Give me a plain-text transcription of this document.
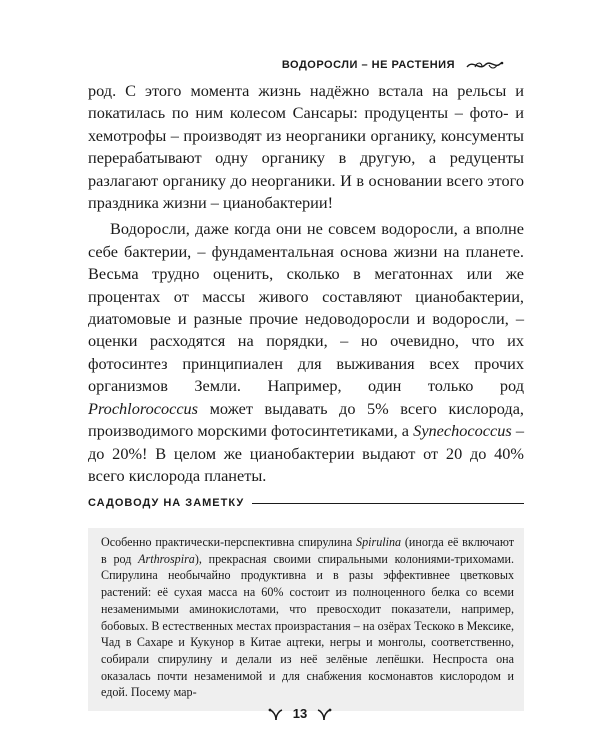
ВОДОРОСЛИ – НЕ РАСТЕНИЯ

род. С этого момента жизнь надёжно встала на рельсы и покатилась по ним колесом Сансары: продуценты – фото- и хемотрофы – производят из неорганики органику, консументы перерабатывают одну органику в другую, а редуценты разлагают органику до неорганики. И в основании всего этого праздника жизни – цианобактерии!

Водоросли, даже когда они не совсем водоросли, а вполне себе бактерии, – фундаментальная основа жизни на планете. Весьма трудно оценить, сколько в мегатоннах или же процентах от массы живого составляют цианобактерии, диатомовые и разные прочие недоводоросли и водоросли, – оценки расходятся на порядки, – но очевидно, что их фотосинтез принципиален для выживания всех прочих организмов Земли. Например, один только род Prochlorococcus может выдавать до 5% всего кислорода, производимого морскими фотосинтетиками, а Synechococcus – до 20%! В целом же цианобактерии выдают от 20 до 40% всего кислорода планеты.

САДОВОДУ НА ЗАМЕТКУ

Особенно практически-перспективна спирулина Spirulina (иногда её включают в род Arthrospira), прекрасная своими спиральными колониями-трихомами. Спирулина необычайно продуктивна и в разы эффективнее цветковых растений: её сухая масса на 60% состоит из полноценного белка со всеми незаменимыми аминокислотами, что превосходит показатели, например, бобовых. В естественных местах произрастания – на озёрах Тескоко в Мексике, Чад в Сахаре и Кукунор в Китае ацтеки, негры и монголы, соответственно, собирали спирулину и делали из неё зелёные лепёшки. Неспроста она оказалась почти незаменимой и для снабжения космонавтов кислородом и едой. Посему мар-

13
